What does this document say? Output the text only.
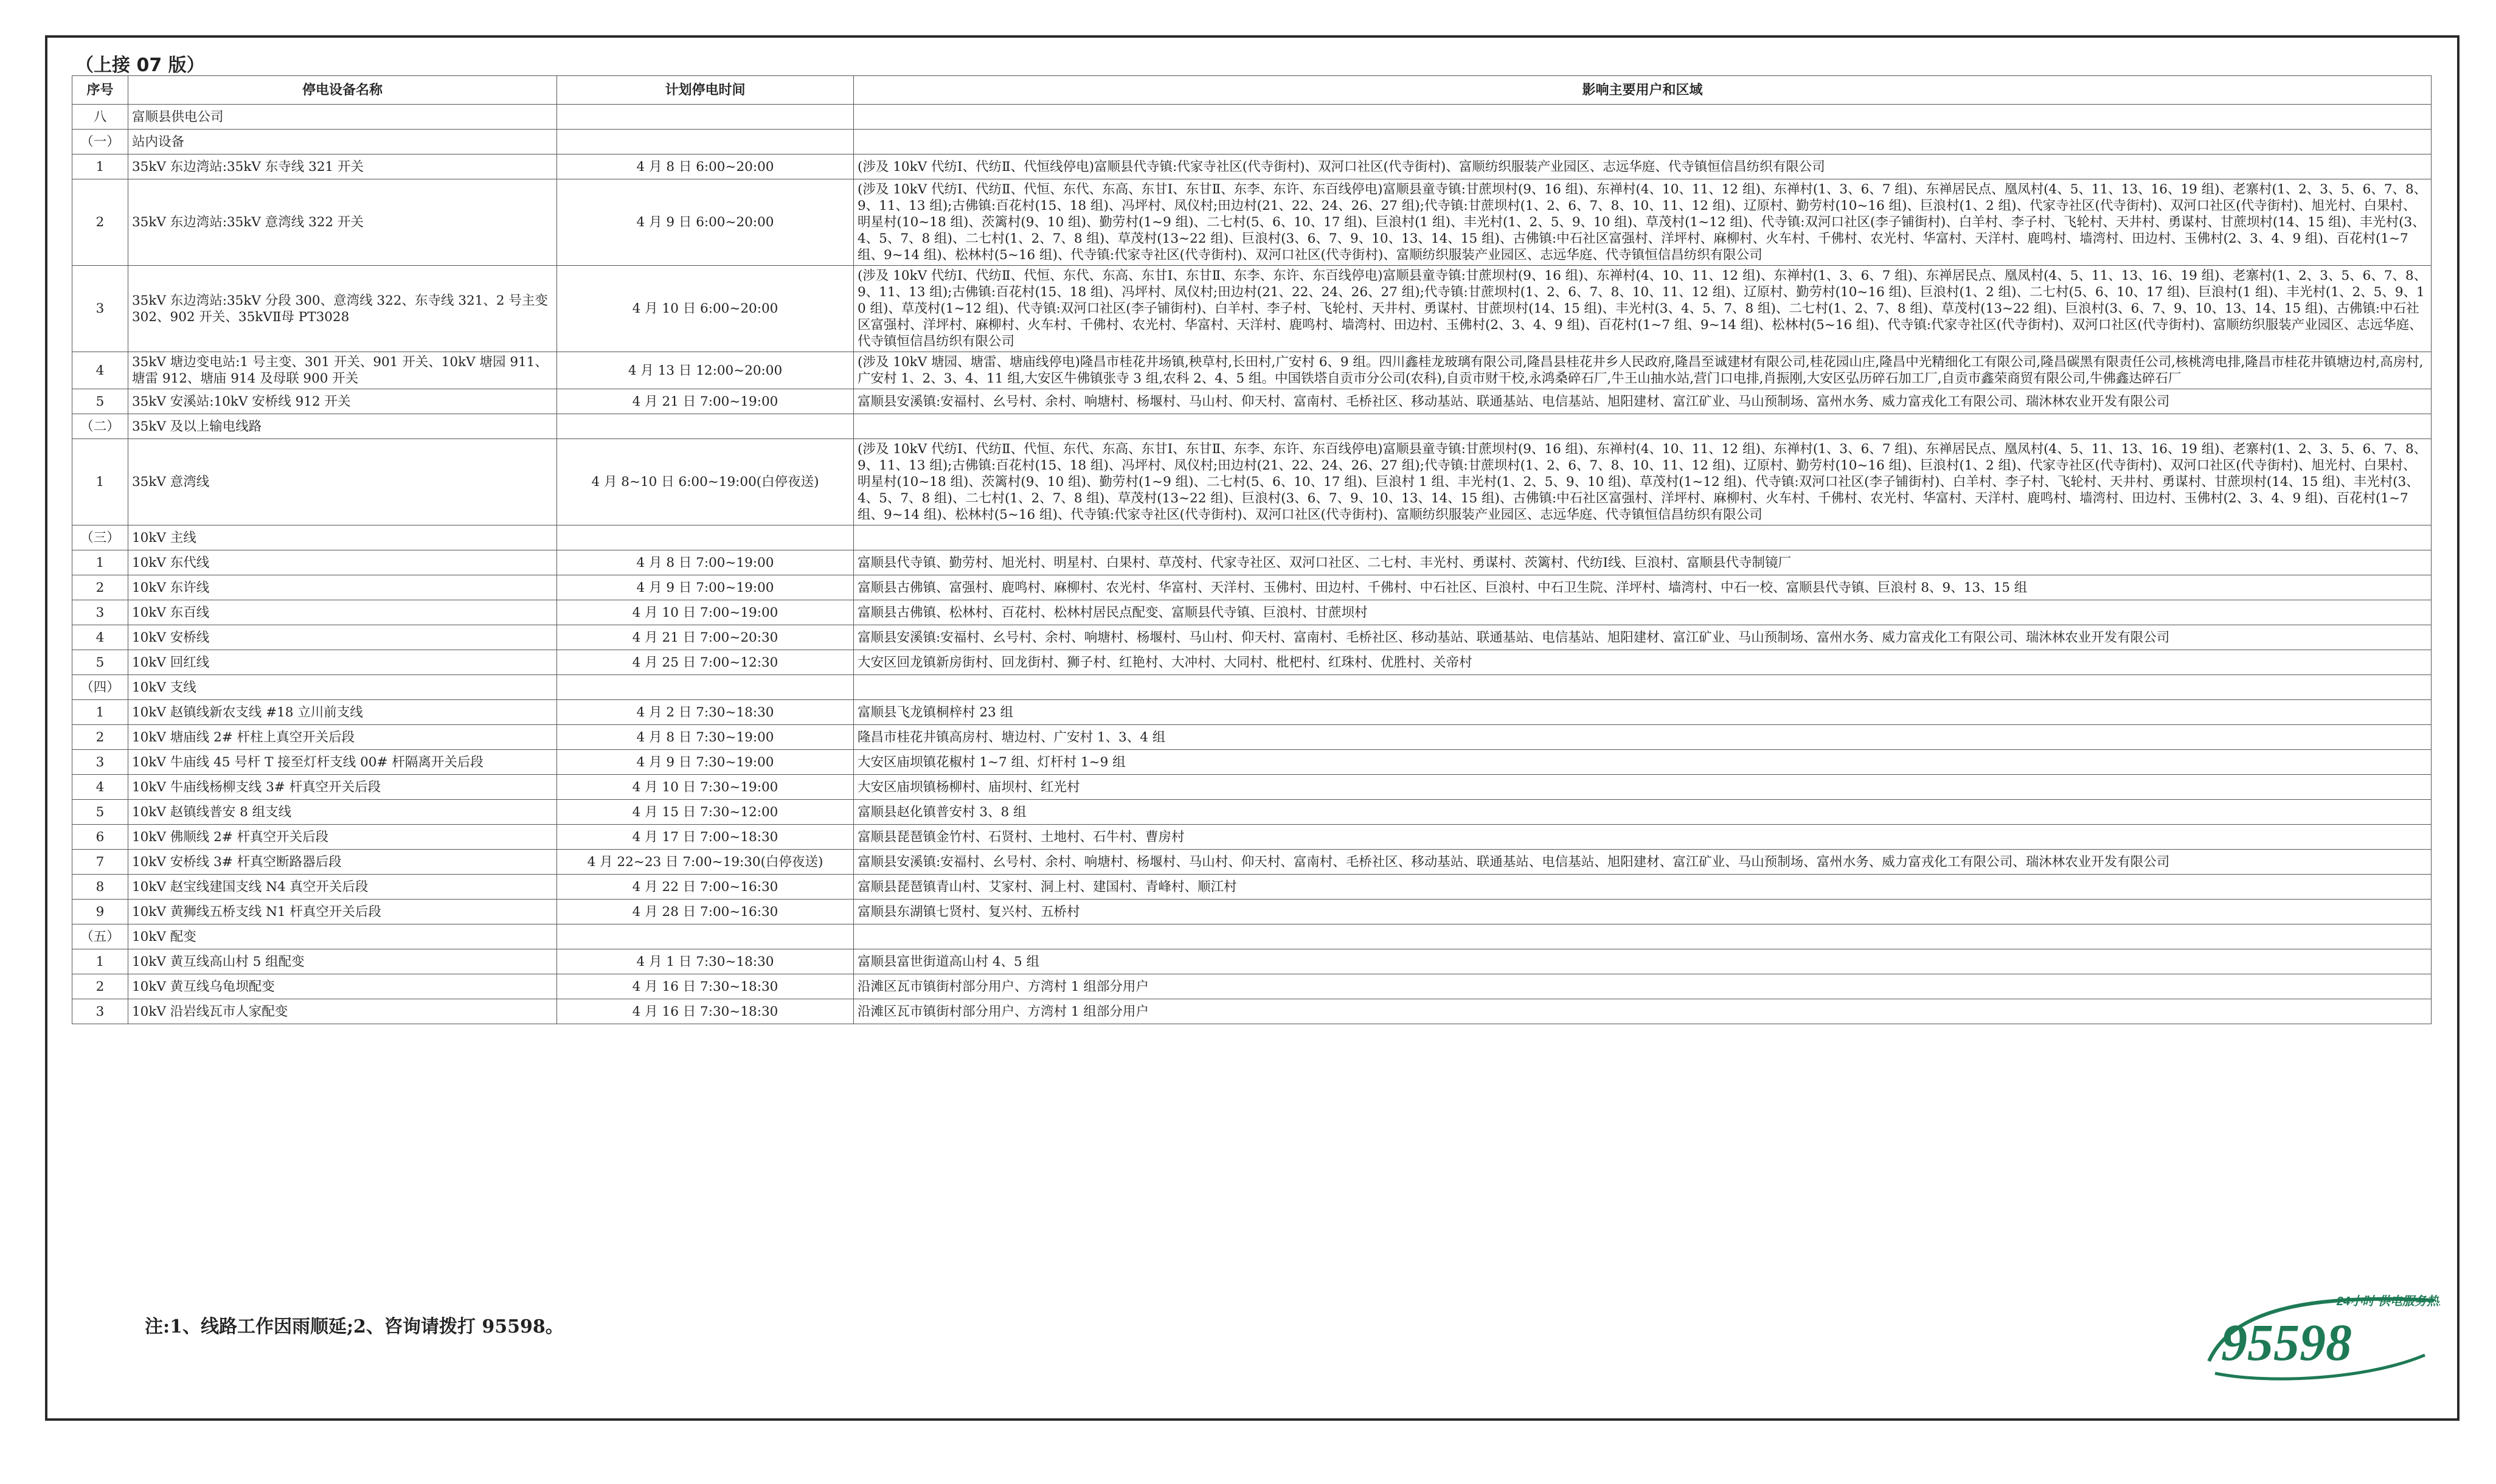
（上接 07 版）
序号	停电设备名称	计划停电时间	影响主要用户和区域
八	富顺县供电公司		
（一）	站内设备		
1	35kV 东边湾站:35kV 东寺线 321 开关	4 月 8 日 6:00~20:00	(涉及 10kV 代纺Ⅰ、代纺Ⅱ、代恒线停电)富顺县代寺镇:代家寺社区(代寺街村)、双河口社区(代寺街村)、富顺纺织服装产业园区、志远华庭、代寺镇恒信昌纺织有限公司
2	35kV 东边湾站:35kV 意湾线 322 开关	4 月 9 日 6:00~20:00	(涉及 10kV 代纺Ⅰ、代纺Ⅱ、代恒、东代、东高、东甘Ⅰ、东甘Ⅱ、东李、东许、东百线停电)富顺县童寺镇:甘蔗坝村(9、16 组)、东禅村(4、10、11、12 组)、东禅村(1、3、6、7 组)、东禅居民点、凰凤村(4、5、11、13、16、19 组)、老寨村(1、2、3、5、6、7、8、9、11、13 组);古佛镇:百花村(15、18 组)、冯坪村、凤仪村;田边村(21、22、24、26、27 组);代寺镇:甘蔗坝村(1、2、6、7、8、10、11、12 组)、辽原村、勤劳村(10~16 组)、巨浪村(1、2 组)、代家寺社区(代寺街村)、双河口社区(代寺街村)、旭光村、白果村、明星村(10~18 组)、茨篱村(9、10 组)、勤劳村(1~9 组)、二七村(5、6、10、17 组)、巨浪村(1 组)、丰光村(1、2、5、9、10 组)、草茂村(1~12 组)、代寺镇:双河口社区(李子铺街村)、白羊村、李子村、飞轮村、天井村、勇谋村、甘蔗坝村(14、15 组)、丰光村(3、4、5、7、8 组)、二七村(1、2、7、8 组)、草茂村(13~22 组)、巨浪村(3、6、7、9、10、13、14、15 组)、古佛镇:中石社区富强村、洋坪村、麻柳村、火车村、千佛村、农光村、华富村、天洋村、鹿鸣村、墙湾村、田边村、玉佛村(2、3、4、9 组)、百花村(1~7 组、9~14 组)、松林村(5~16 组)、代寺镇:代家寺社区(代寺街村)、双河口社区(代寺街村)、富顺纺织服装产业园区、志远华庭、代寺镇恒信昌纺织有限公司
3	35kV 东边湾站:35kV 分段 300、意湾线 322、东寺线 321、2 号主变 302、902 开关、35kVⅡ母 PT3028	4 月 10 日 6:00~20:00	(涉及 10kV 代纺Ⅰ、代纺Ⅱ、代恒、东代、东高、东甘Ⅰ、东甘Ⅱ、东李、东许、东百线停电)富顺县童寺镇:甘蔗坝村(9、16 组)、东禅村(4、10、11、12 组)、东禅村(1、3、6、7 组)、东禅居民点、凰凤村(4、5、11、13、16、19 组)、老寨村(1、2、3、5、6、7、8、9、11、13 组);古佛镇:百花村(15、18 组)、冯坪村、凤仪村;田边村(21、22、24、26、27 组);代寺镇:甘蔗坝村(1、2、6、7、8、10、11、12 组)、辽原村、勤劳村(10~16 组)、巨浪村(1、2 组)、二七村(5、6、10、17 组)、巨浪村(1 组)、丰光村(1、2、5、9、10 组)、草茂村(1~12 组)、代寺镇:双河口社区(李子铺街村)、白羊村、李子村、飞轮村、天井村、勇谋村、甘蔗坝村(14、15 组)、丰光村(3、4、5、7、8 组)、二七村(1、2、7、8 组)、草茂村(13~22 组)、巨浪村(3、6、7、9、10、13、14、15 组)、古佛镇:中石社区富强村、洋坪村、麻柳村、火车村、千佛村、农光村、华富村、天洋村、鹿鸣村、墙湾村、田边村、玉佛村(2、3、4、9 组)、百花村(1~7 组、9~14 组)、松林村(5~16 组)、代寺镇:代家寺社区(代寺街村)、双河口社区(代寺街村)、富顺纺织服装产业园区、志远华庭、代寺镇恒信昌纺织有限公司
4	35kV 塘边变电站:1 号主变、301 开关、901 开关、10kV 塘园 911、塘雷 912、塘庙 914 及母联 900 开关	4 月 13 日 12:00~20:00	(涉及 10kV 塘园、塘雷、塘庙线停电)隆昌市桂花井场镇,秧草村,长田村,广安村 6、9 组。四川鑫桂龙玻璃有限公司,隆昌县桂花井乡人民政府,隆昌至诚建材有限公司,桂花园山庄,隆昌中光精细化工有限公司,隆昌碳黑有限责任公司,核桃湾电排,隆昌市桂花井镇塘边村,高房村,广安村 1、2、3、4、11 组,大安区牛佛镇张寺 3 组,农科 2、4、5 组。中国铁塔自贡市分公司(农科),自贡市财干校,永鸿桑碎石厂,牛王山抽水站,营门口电排,肖振刚,大安区弘历碎石加工厂,自贡市鑫荣商贸有限公司,牛佛鑫达碎石厂
5	35kV 安溪站:10kV 安桥线 912 开关	4 月 21 日 7:00~19:00	富顺县安溪镇:安福村、幺号村、余村、响塘村、杨堰村、马山村、仰天村、富南村、毛桥社区、移动基站、联通基站、电信基站、旭阳建材、富江矿业、马山预制场、富州水务、威力富戎化工有限公司、瑞沐林农业开发有限公司
（二）	35kV 及以上输电线路		
1	35kV 意湾线	4 月 8~10 日 6:00~19:00(白停夜送)	(涉及 10kV 代纺Ⅰ、代纺Ⅱ、代恒、东代、东高、东甘Ⅰ、东甘Ⅱ、东李、东许、东百线停电)富顺县童寺镇:甘蔗坝村(9、16 组)、东禅村(4、10、11、12 组)、东禅村(1、3、6、7 组)、东禅居民点、凰凤村(4、5、11、13、16、19 组)、老寨村(1、2、3、5、6、7、8、9、11、13 组);古佛镇:百花村(15、18 组)、冯坪村、凤仪村;田边村(21、22、24、26、27 组);代寺镇:甘蔗坝村(1、2、6、7、8、10、11、12 组)、辽原村、勤劳村(10~16 组)、巨浪村(1、2 组)、代家寺社区(代寺街村)、双河口社区(代寺街村)、旭光村、白果村、明星村(10~18 组)、茨篱村(9、10 组)、勤劳村(1~9 组)、二七村(5、6、10、17 组)、巨浪村 1 组、丰光村(1、2、5、9、10 组)、草茂村(1~12 组)、代寺镇:双河口社区(李子铺街村)、白羊村、李子村、飞轮村、天井村、勇谋村、甘蔗坝村(14、15 组)、丰光村(3、4、5、7、8 组)、二七村(1、2、7、8 组)、草茂村(13~22 组)、巨浪村(3、6、7、9、10、13、14、15 组)、古佛镇:中石社区富强村、洋坪村、麻柳村、火车村、千佛村、农光村、华富村、天洋村、鹿鸣村、墙湾村、田边村、玉佛村(2、3、4、9 组)、百花村(1~7 组、9~14 组)、松林村(5~16 组)、代寺镇:代家寺社区(代寺街村)、双河口社区(代寺街村)、富顺纺织服装产业园区、志远华庭、代寺镇恒信昌纺织有限公司
（三）	10kV 主线		
1	10kV 东代线	4 月 8 日 7:00~19:00	富顺县代寺镇、勤劳村、旭光村、明星村、白果村、草茂村、代家寺社区、双河口社区、二七村、丰光村、勇谋村、茨篱村、代纺Ⅰ线、巨浪村、富顺县代寺制镜厂
2	10kV 东许线	4 月 9 日 7:00~19:00	富顺县古佛镇、富强村、鹿鸣村、麻柳村、农光村、华富村、天洋村、玉佛村、田边村、千佛村、中石社区、巨浪村、中石卫生院、洋坪村、墙湾村、中石一校、富顺县代寺镇、巨浪村 8、9、13、15 组
3	10kV 东百线	4 月 10 日 7:00~19:00	富顺县古佛镇、松林村、百花村、松林村居民点配变、富顺县代寺镇、巨浪村、甘蔗坝村
4	10kV 安桥线	4 月 21 日 7:00~20:30	富顺县安溪镇:安福村、幺号村、余村、响塘村、杨堰村、马山村、仰天村、富南村、毛桥社区、移动基站、联通基站、电信基站、旭阳建材、富江矿业、马山预制场、富州水务、威力富戎化工有限公司、瑞沐林农业开发有限公司
5	10kV 回红线	4 月 25 日 7:00~12:30	大安区回龙镇新房街村、回龙街村、狮子村、红艳村、大冲村、大同村、枇杷村、红珠村、优胜村、关帝村
（四）	10kV 支线		
1	10kV 赵镇线新农支线 #18 立川前支线	4 月 2 日 7:30~18:30	富顺县飞龙镇桐梓村 23 组
2	10kV 塘庙线 2# 杆柱上真空开关后段	4 月 8 日 7:30~19:00	隆昌市桂花井镇高房村、塘边村、广安村 1、3、4 组
3	10kV 牛庙线 45 号杆 T 接至灯杆支线 00# 杆隔离开关后段	4 月 9 日 7:30~19:00	大安区庙坝镇花椒村 1~7 组、灯杆村 1~9 组
4	10kV 牛庙线杨柳支线 3# 杆真空开关后段	4 月 10 日 7:30~19:00	大安区庙坝镇杨柳村、庙坝村、红光村
5	10kV 赵镇线普安 8 组支线	4 月 15 日 7:30~12:00	富顺县赵化镇普安村 3、8 组
6	10kV 佛顺线 2# 杆真空开关后段	4 月 17 日 7:00~18:30	富顺县琵琶镇金竹村、石贤村、土地村、石牛村、曹房村
7	10kV 安桥线 3# 杆真空断路器后段	4 月 22~23 日 7:00~19:30(白停夜送)	富顺县安溪镇:安福村、幺号村、余村、响塘村、杨堰村、马山村、仰天村、富南村、毛桥社区、移动基站、联通基站、电信基站、旭阳建材、富江矿业、马山预制场、富州水务、威力富戎化工有限公司、瑞沐林农业开发有限公司
8	10kV 赵宝线建国支线 N4 真空开关后段	4 月 22 日 7:00~16:30	富顺县琵琶镇青山村、艾家村、洞上村、建国村、青峰村、顺江村
9	10kV 黄狮线五桥支线 N1 杆真空开关后段	4 月 28 日 7:00~16:30	富顺县东湖镇七贤村、复兴村、五桥村
（五）	10kV 配变		
1	10kV 黄互线高山村 5 组配变	4 月 1 日 7:30~18:30	富顺县富世街道高山村 4、5 组
2	10kV 黄互线乌龟坝配变	4 月 16 日 7:30~18:30	沿滩区瓦市镇街村部分用户、方湾村 1 组部分用户
3	10kV 沿岩线瓦市人家配变	4 月 16 日 7:30~18:30	沿滩区瓦市镇街村部分用户、方湾村 1 组部分用户
注:1、线路工作因雨顺延;2、咨询请拨打 95598。
24小时 供电服务热线
95598
